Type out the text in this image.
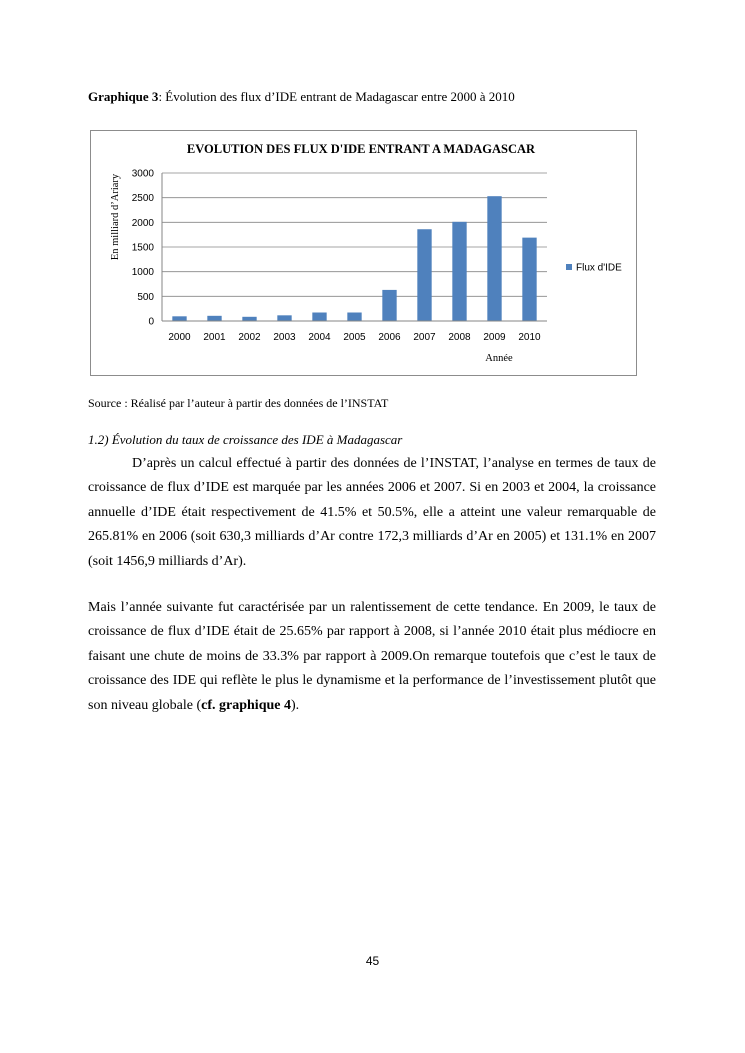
Graphique 3: Évolution des flux d’IDE entrant de Madagascar entre 2000 à 2010
EVOLUTION DES FLUX D'IDE ENTRANT A MADAGASCAR
0
500
1000
1500
2000
2500
3000
2000 2001 2002 2003 2004 2005 2006 2007 2008 2009 2010
En milliard d’Ariary
Année
Flux d'IDE
Source : Réalisé par l’auteur à partir des données de l’INSTAT
1.2) Évolution du taux de croissance des IDE à Madagascar

D’après un calcul effectué à partir des données de l’INSTAT, l’analyse en termes de taux de croissance de flux d’IDE est marquée par les années 2006 et 2007. Si en 2003 et 2004, la croissance annuelle d’IDE était respectivement de 41.5% et 50.5%, elle a atteint une valeur remarquable de 265.81% en 2006 (soit 630,3 milliards d’Ar contre 172,3 milliards d’Ar en 2005) et 131.1% en 2007 (soit 1456,9 milliards d’Ar).

Mais l’année suivante fut caractérisée par un ralentissement de cette tendance. En 2009, le taux de croissance de flux d’IDE était de 25.65% par rapport à 2008, si l’année 2010 était plus médiocre en faisant une chute de moins de 33.3% par rapport à 2009.On remarque toutefois que c’est le taux de croissance des IDE qui reflète le plus le dynamisme et la performance de l’investissement plutôt que son niveau globale (cf. graphique 4).

45
